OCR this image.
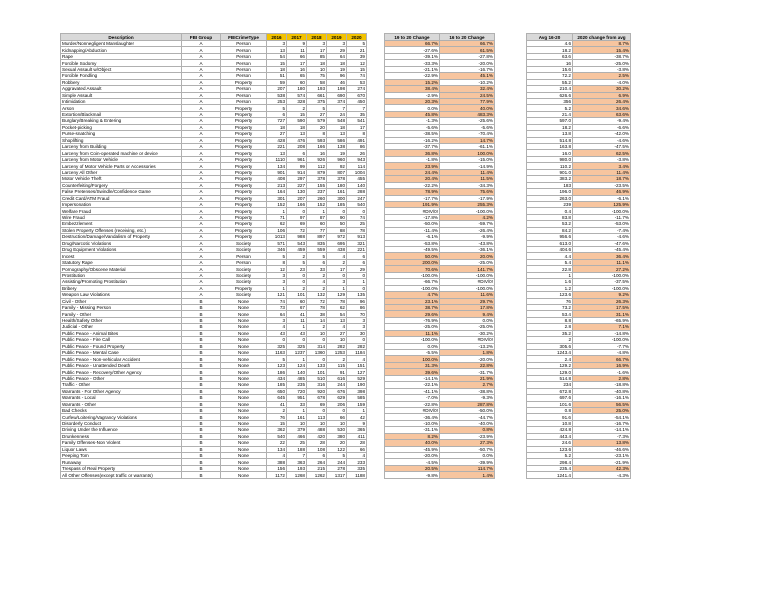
Description	FBI Group	FBICrimeType	2016	2017	2018	2019	2020		19 to 20 Change	16 to 20 Change		Avg 16-20	2020 change from avg
Murder/Nonnegligent Manslaughter	A	Person	3	9	3	3	5		66.7%	66.7%		4.6	8.7%
Kidnapping/Abduction	A	Person	13	11	17	29	21		-27.6%	61.5%		18.2	15.4%
Rape	A	Person	54	66	85	64	39		-39.1%	-27.8%		63.6	-38.7%
Forcible Sodomy	A	Person	15	17	18	18	12		-33.3%	-20.0%		16	-25.0%
Sexual Assault w/Object	A	Person	18	16	10	19	15		-21.1%	-16.7%		15.6	-3.8%
Forcible Fondling	A	Person	51	65	75	96	74		-22.9%	45.1%		72.2	2.5%
Robbery	A	Property	59	60	58	46	53		15.2%	-10.2%		55.2	-4.0%
Aggravated Assault	A	Person	207	180	193	198	274		38.4%	32.4%		210.4	30.2%
Simple Assault	A	Person	538	574	661	690	670		-2.9%	24.5%		626.6	6.9%
Intimidation	A	Person	253	328	375	374	450		20.3%	77.9%		356	26.4%
Arson	A	Property	5	2	5	7	7		0.0%	40.0%		5.2	34.6%
Extortion/Blackmail	A	Property	6	15	27	24	35		45.8%	483.3%		21.4	63.6%
Burglary/Breaking & Entering	A	Property	727	590	579	548	541		-1.3%	-25.6%		597.0	-9.4%
Pocket-picking	A	Property	18	18	20	18	17		-5.6%	-5.6%		18.2	-6.6%
Purse-snatching	A	Property	27	13	8	13	8		-38.5%	-70.4%		13.8	-42.0%
Shoplifting	A	Property	428	476	593	586	491		-16.2%	14.7%		514.8	-4.6%
Larceny from Building	A	Property	221	208	166	138	86		-37.7%	-61.1%		163.8	-47.5%
Larceny from Coin-operated machine or device	A	Property	13	6	16	19	26		36.8%	100.0%		16.0	62.5%
Larceny from Motor Vehicle	A	Property	1110	961	926	960	943		-1.8%	-15.0%		980.0	-3.8%
Larceny of Motor Vehicle Parts or Accessories	A	Property	134	99	112	92	114		23.9%	-14.9%		110.2	3.4%
Larceny All Other	A	Property	901	914	879	807	1004		24.4%	11.4%		901.0	11.4%
Motor Vehicle Theft	A	Property	408	297	378	378	455		20.4%	11.5%		383.2	18.7%
Counterfeiting/Forgery	A	Property	213	227	155	180	140		-22.2%	-34.3%		183	-23.5%
False Pretenses/Swindle/Confidence Game	A	Property	164	130	237	161	288		78.9%	75.6%		196.0	46.9%
Credit Card/ATM Fraud	A	Property	301	207	260	300	247		-17.7%	-17.9%		263.0	-6.1%
Impersonation	A	Property	152	166	152	185	540		191.9%	255.3%		239	125.9%
Welfare Fraud	A	Property	1	0	1	0	0		#DIV/0!	-100.0%		0.4	-100.0%
Wire Fraud	A	Property	71	97	87	90	74		-17.8%	4.2%		83.8	-11.7%
Embezzlement	A	Property	62	69	60	50	25		-50.0%	-59.7%		53.2	-53.0%
Stolen Property Offenses (receiving, etc.)	A	Property	106	72	77	88	78		-11.4%	-26.4%		84.2	-7.4%
Destruction/Damage/Vandalism of Property	A	Property	1013	988	897	972	913		-6.1%	-9.9%		956.6	-4.6%
Drug/Narcotic Violations	A	Society	571	543	835	695	321		-53.8%	-43.8%		613.0	-47.6%
Drug Equipment Violations	A	Society	346	459	559	438	221		-49.5%	-36.1%		404.6	-45.4%
Incest	A	Person	5	2	5	4	6		50.0%	20.0%		4.4	36.4%
Statutory Rape	A	Person	8	5	6	2	6		200.0%	-25.0%		5.4	11.1%
Pornography/Obscene Material	A	Society	12	23	33	17	29		70.6%	141.7%		22.8	27.2%
Prostitution	A	Society	3	0	2	0	0		-100.0%	-100.0%		1	-100.0%
Assisting/Promoting Prostitution	A	Society	3	0	4	3	1		-66.7%	#DIV/0!		1.6	-37.5%
Bribery	A	Property	1	2	2	1	0		-100.0%	-100.0%		1.2	-100.0%
Weapon Law Violations	A	Society	121	101	132	129	135		4.7%	11.6%		123.6	9.2%
Civil - Other	B	None	74	60	72	78	96		23.1%	29.7%		76	26.3%
Family - Missing Person	B	None	73	67	78	62	86		38.7%	17.8%		73.2	17.5%
Family - Other	B	None	64	41	38	54	70		29.6%	9.4%		53.4	31.1%
Health/Safety Other	B	None	3	11	14	13	3		-76.9%	0.0%		8.8	-65.9%
Judicial - Other	B	None	4	1	2	4	3		-25.0%	-25.0%		2.8	7.1%
Public Peace - Animal Bites	B	None	43	43	10	27	30		11.1%	-30.2%		35.2	-14.8%
Public Peace - Fire Call	B	None	0	0	0	10	0		-100.0%	#DIV/0!		2	-100.0%
Public Peace - Found Property	B	None	325	325	314	282	282		0.0%	-13.2%		305.6	-7.7%
Public Peace - Mental Case	B	None	1163	1237	1360	1253	1184		-5.5%	1.8%		1243.4	-4.8%
Public Peace - Non-vehicular Accident	B	None	5	1	0	2	4		100.0%	-20.0%		2.4	66.7%
Public Peace - Unattended Death	B	None	123	124	133	115	151		31.3%	22.8%		129.2	16.9%
Public Peace - Recovery/Other Agency	B	None	186	140	101	91	127		39.6%	-31.7%		129.0	-1.6%
Public Peace - Other	B	None	434	485	510	616	529		-14.1%	21.9%		514.8	2.8%
Traffic - Other	B	None	185	235	316	244	190		-22.1%	2.7%		234	-18.8%
Warrants - For Other Agency	B	None	650	720	920	676	398		-41.1%	-38.8%		672.8	-40.8%
Warrants - Local	B	None	645	951	678	629	585		-7.0%	-9.3%		697.6	-16.1%
Warrants - Other	B	None	41	33	69	206	159		-22.8%	287.8%		101.6	56.5%
Bad Checks	B	None	2	1	0	0	1		#DIV/0!	-50.0%		0.8	25.0%
Curfew/Loitering/Vagrancy Violations	B	None	76	161	113	66	42		-36.4%	-44.7%		91.6	-54.1%
Disorderly Conduct	B	None	15	10	10	10	9		-10.0%	-40.0%		10.8	-16.7%
Driving Under the Influence	B	None	362	379	488	530	365		-31.1%	0.8%		424.8	-14.1%
Drunkenness	B	None	540	466	420	380	411		8.2%	-23.9%		443.4	-7.3%
Family Offenses-Non Violent	B	None	22	25	28	20	28		40.0%	27.3%		24.6	13.8%
Liquor Laws	B	None	134	188	108	122	66		-45.9%	-50.7%		123.6	-46.6%
Peeping Tom	B	None	4	7	6	5	4		-20.0%	0.0%		5.2	-23.1%
Runaway	B	None	388	363	264	244	233		-4.5%	-39.9%		298.4	-21.9%
Trespass of Real Property	B	None	156	193	215	278	335		20.5%	114.7%		235.4	42.3%
All Other Offenses(except traffic or warrants)	B	None	1172	1268	1262	1317	1188		-9.8%	1.4%		1241.4	-4.3%
